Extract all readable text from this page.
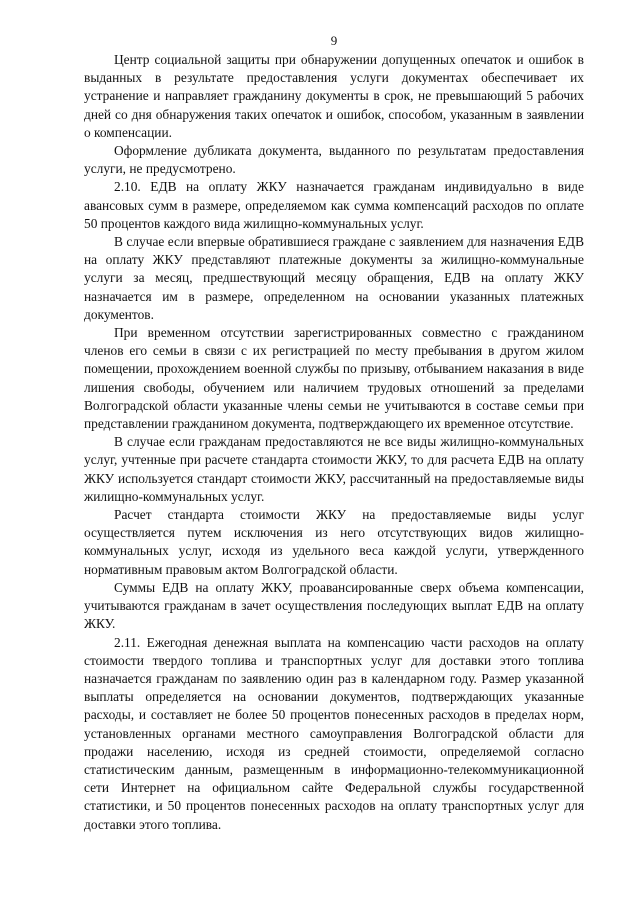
9

Центр социальной защиты при обнаружении допущенных опечаток и ошибок в выданных в результате предоставления услуги документах обеспечивает их устранение и направляет гражданину документы в срок, не превышающий 5 рабочих дней со дня обнаружения таких опечаток и ошибок, способом, указанным в заявлении о компенсации.

Оформление дубликата документа, выданного по результатам предоставления услуги, не предусмотрено.

2.10. ЕДВ на оплату ЖКУ назначается гражданам индивидуально в виде авансовых сумм в размере, определяемом как сумма компенсаций расходов по оплате 50 процентов каждого вида жилищно-коммунальных услуг.

В случае если впервые обратившиеся граждане с заявлением для назначения ЕДВ на оплату ЖКУ представляют платежные документы за жилищно-коммунальные услуги за месяц, предшествующий месяцу обращения, ЕДВ на оплату ЖКУ назначается им в размере, определенном на основании указанных платежных документов.

При временном отсутствии зарегистрированных совместно с гражданином членов его семьи в связи с их регистрацией по месту пребывания в другом жилом помещении, прохождением военной службы по призыву, отбыванием наказания в виде лишения свободы, обучением или наличием трудовых отношений за пределами Волгоградской области указанные члены семьи не учитываются в составе семьи при представлении гражданином документа, подтверждающего их временное отсутствие.

В случае если гражданам предоставляются не все виды жилищно-коммунальных услуг, учтенные при расчете стандарта стоимости ЖКУ, то для расчета ЕДВ на оплату ЖКУ используется стандарт стоимости ЖКУ, рассчитанный на предоставляемые виды жилищно-коммунальных услуг.

Расчет стандарта стоимости ЖКУ на предоставляемые виды услуг осуществляется путем исключения из него отсутствующих видов жилищно-коммунальных услуг, исходя из удельного веса каждой услуги, утвержденного нормативным правовым актом Волгоградской области.

Суммы ЕДВ на оплату ЖКУ, проавансированные сверх объема компенсации, учитываются гражданам в зачет осуществления последующих выплат ЕДВ на оплату ЖКУ.

2.11. Ежегодная денежная выплата на компенсацию части расходов на оплату стоимости твердого топлива и транспортных услуг для доставки этого топлива назначается гражданам по заявлению один раз в календарном году. Размер указанной выплаты определяется на основании документов, подтверждающих указанные расходы, и составляет не более 50 процентов понесенных расходов в пределах норм, установленных органами местного самоуправления Волгоградской области для продажи населению, исходя из средней стоимости, определяемой согласно статистическим данным, размещенным в информационно-телекоммуникационной сети Интернет на официальном сайте Федеральной службы государственной статистики, и 50 процентов понесенных расходов на оплату транспортных услуг для доставки этого топлива.
